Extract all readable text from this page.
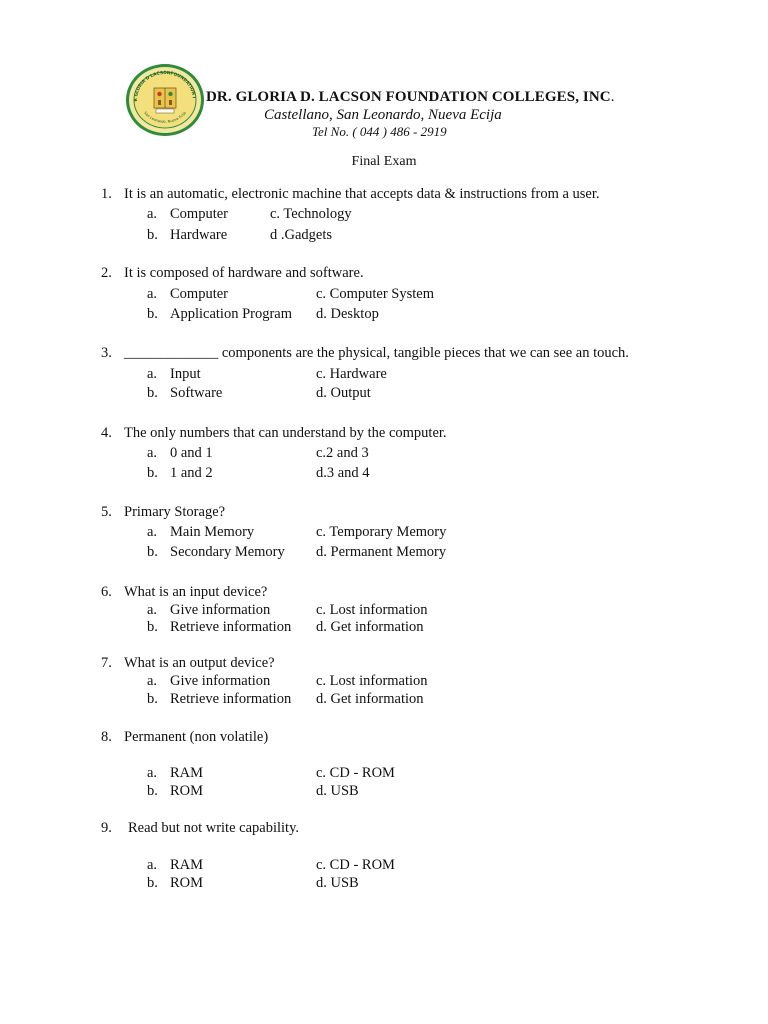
R GLORIA D LACSONFOUNDATION I
San Leonardo, Nueva Ecija
DR. GLORIA D. LACSON FOUNDATION COLLEGES, INC.
Castellano, San Leonardo, Nueva Ecija
Tel No. ( 044 ) 486 - 2919
Final Exam
1. It is an automatic, electronic machine that accepts data & instructions from a user.
a. Computer
b. Hardware
c. Technology
d .Gadgets
2. It is composed of hardware and software.
a. Computer
b. Application Program
c. Computer System
d. Desktop
3. _____________ components are the physical, tangible pieces that we can see an touch.
a. Input
b. Software
c. Hardware
d. Output
4. The only numbers that can understand by the computer.
a. 0 and 1
b. 1 and 2
c.2 and 3
d.3 and 4
5. Primary Storage?
a. Main Memory
b. Secondary Memory
c. Temporary Memory
d. Permanent Memory
6. What is an input device?
a. Give information
b. Retrieve information
c. Lost information
d. Get information
7. What is an output device?
a. Give information
b. Retrieve information
c. Lost information
d. Get information
8. Permanent (non volatile)
a. RAM
b. ROM
c. CD - ROM
d. USB
9. Read but not write capability.
a. RAM
b. ROM
c. CD - ROM
d. USB
